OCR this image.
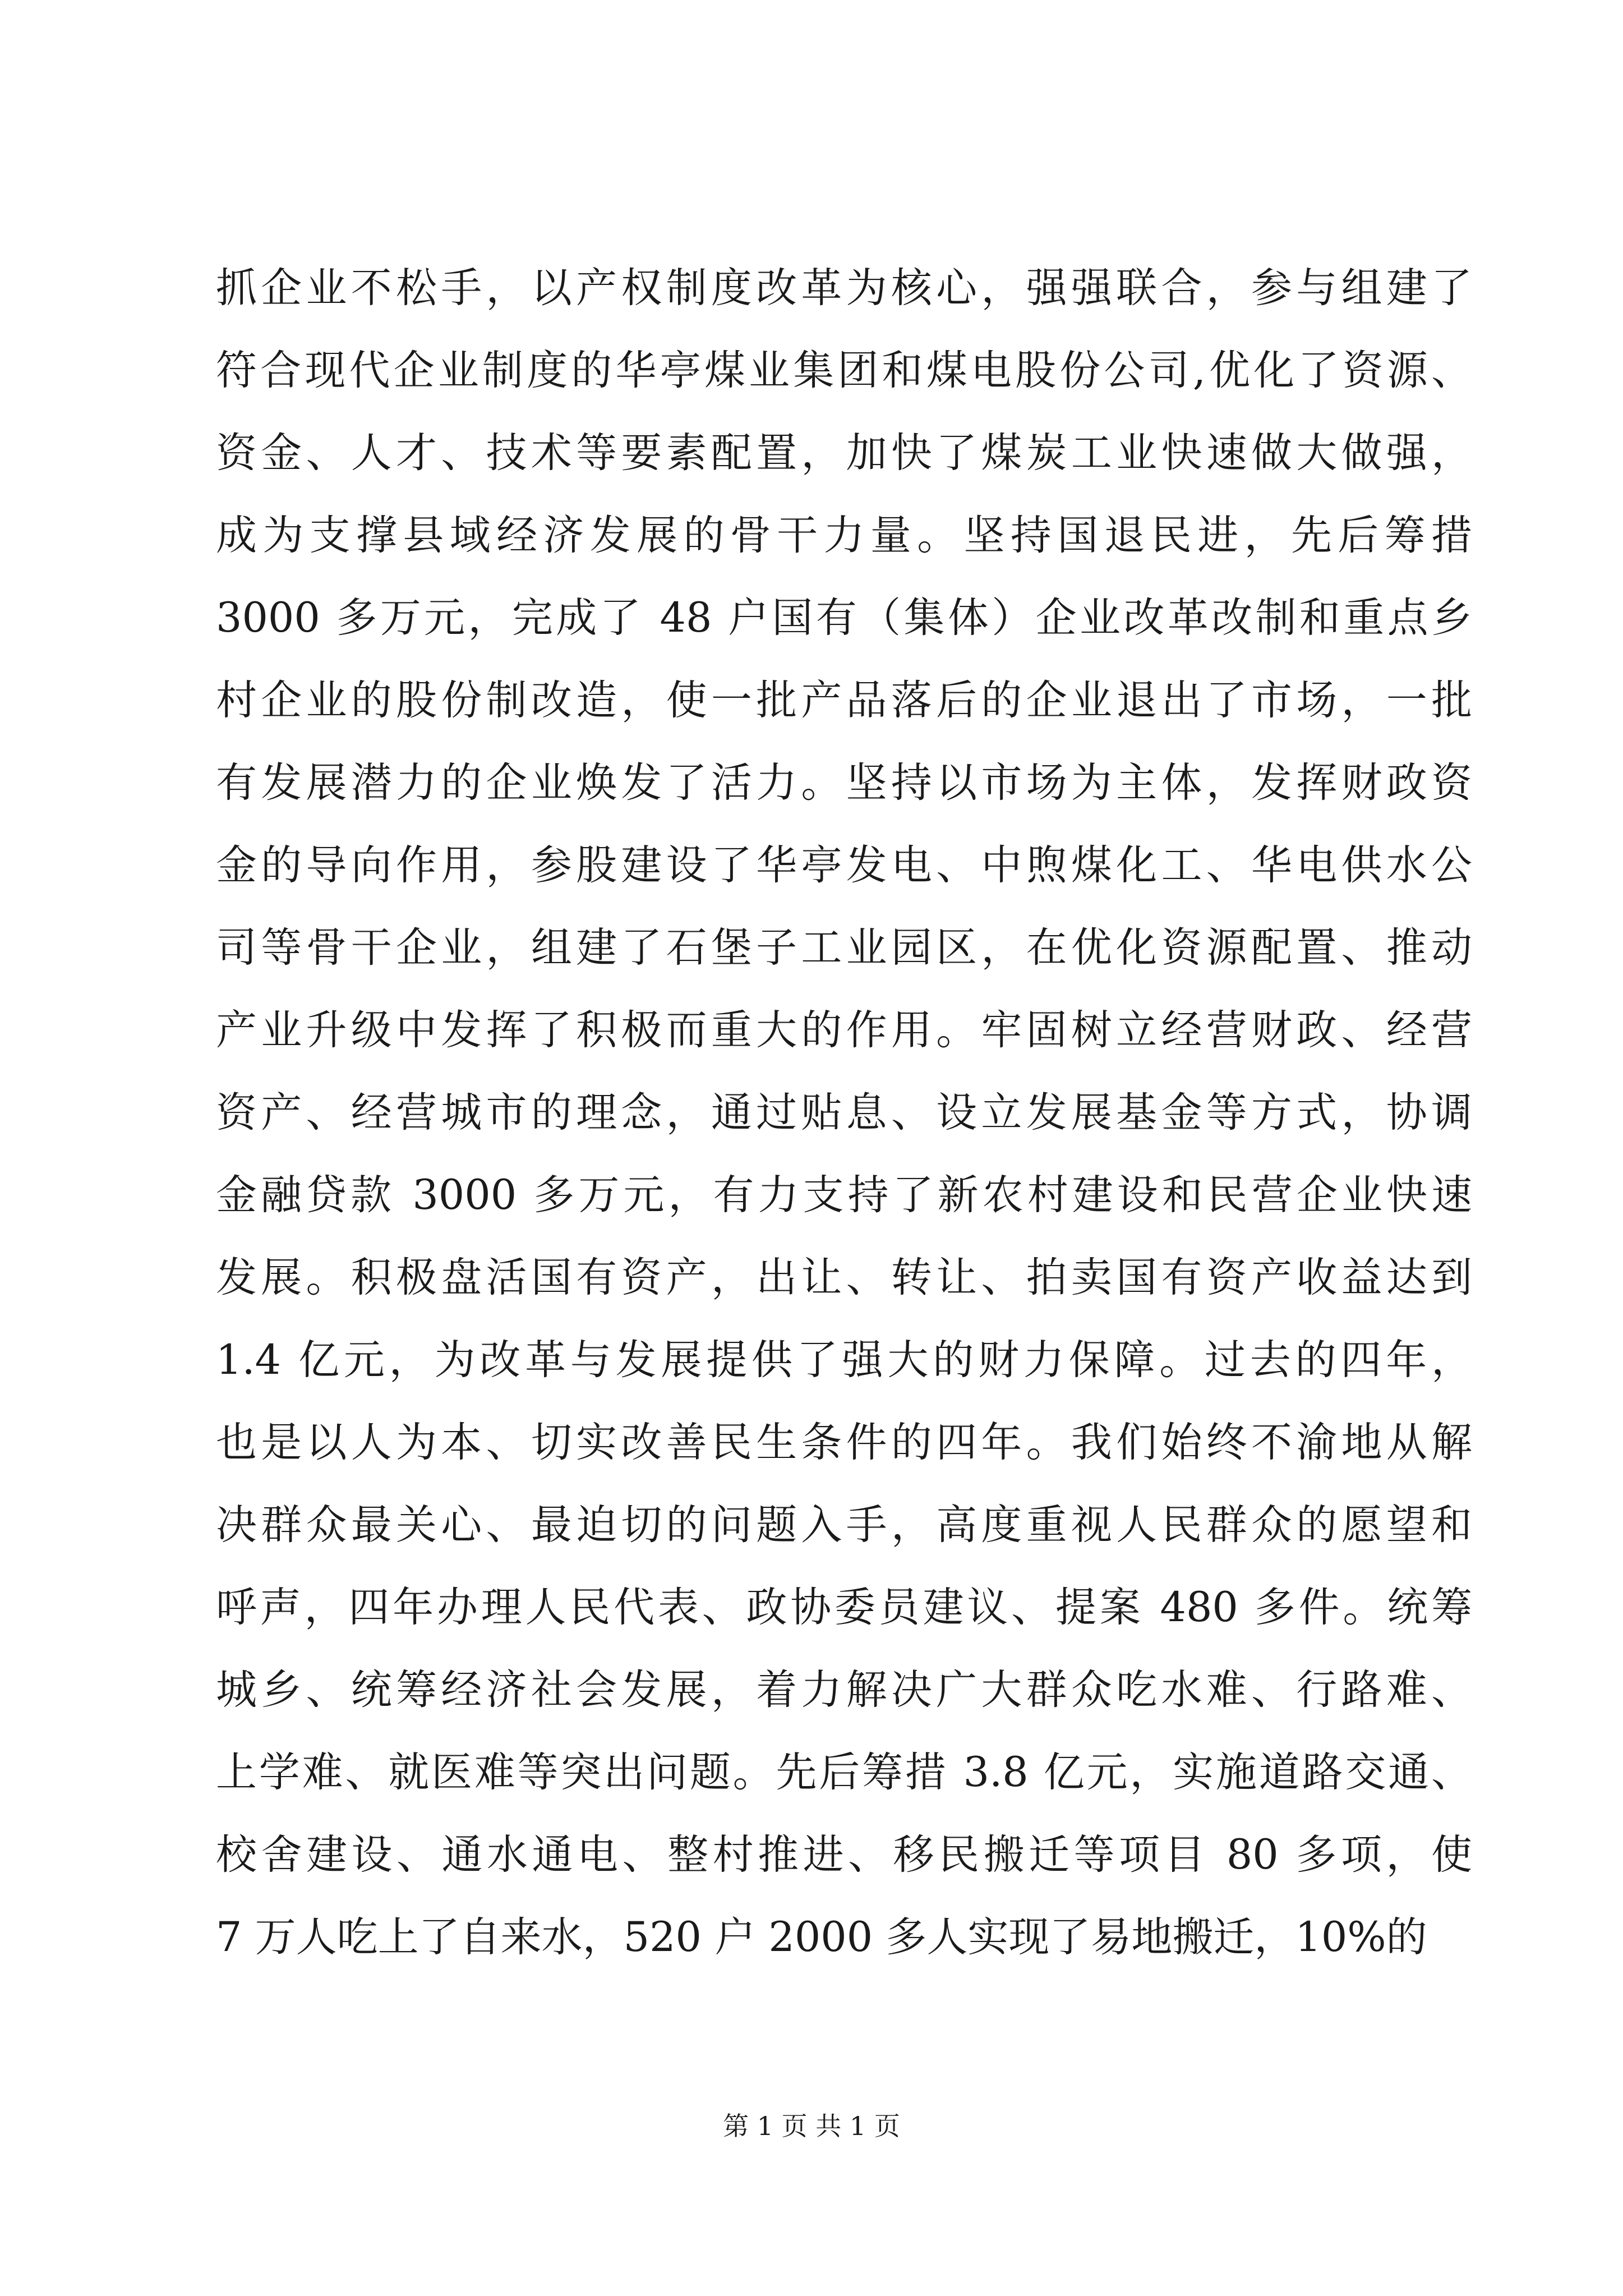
抓企业不松手，以产权制度改革为核心，强强联合，参与组建了
符合现代企业制度的华亭煤业集团和煤电股份公司,优化了资源、
资金、人才、技术等要素配置，加快了煤炭工业快速做大做强，
成为支撑县域经济发展的骨干力量。坚持国退民进，先后筹措
3000 多万元，完成了 48 户国有（集体）企业改革改制和重点乡
村企业的股份制改造，使一批产品落后的企业退出了市场，一批
有发展潜力的企业焕发了活力。坚持以市场为主体，发挥财政资
金的导向作用，参股建设了华亭发电、中煦煤化工、华电供水公
司等骨干企业，组建了石堡子工业园区，在优化资源配置、推动
产业升级中发挥了积极而重大的作用。牢固树立经营财政、经营
资产、经营城市的理念，通过贴息、设立发展基金等方式，协调
金融贷款 3000 多万元，有力支持了新农村建设和民营企业快速
发展。积极盘活国有资产，出让、转让、拍卖国有资产收益达到
1.4 亿元，为改革与发展提供了强大的财力保障。过去的四年，
也是以人为本、切实改善民生条件的四年。我们始终不渝地从解
决群众最关心、最迫切的问题入手，高度重视人民群众的愿望和
呼声，四年办理人民代表、政协委员建议、提案 480 多件。统筹
城乡、统筹经济社会发展，着力解决广大群众吃水难、行路难、
上学难、就医难等突出问题。先后筹措 3.8 亿元，实施道路交通、
校舍建设、通水通电、整村推进、移民搬迁等项目 80 多项，使
7 万人吃上了自来水，520 户 2000 多人实现了易地搬迁，10%的
第 1 页 共 1 页
